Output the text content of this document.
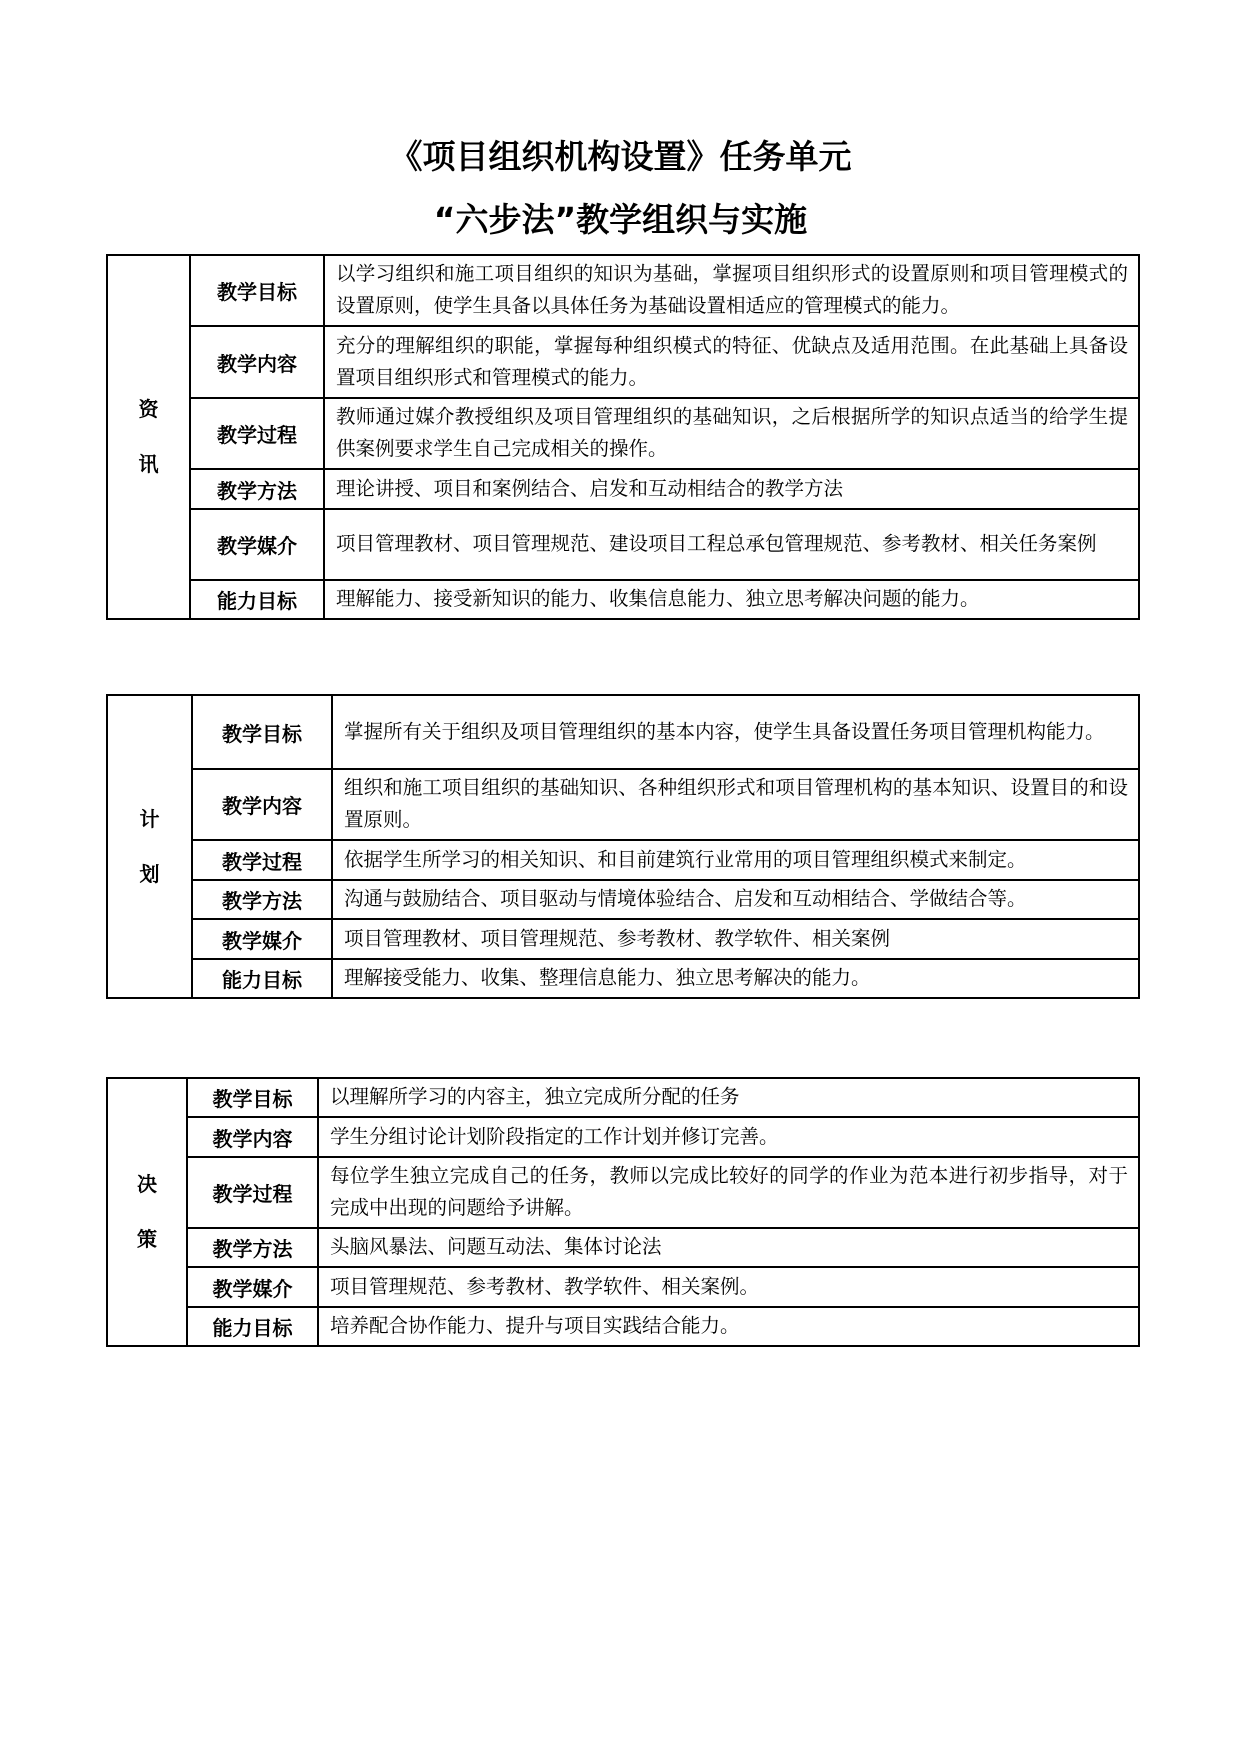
《项目组织机构设置》任务单元
“六步法”教学组织与实施
资
讯	教学目标	以学习组织和施工项目组织的知识为基础，掌握项目组织形式的设置原则和项目管理模式的设置原则，使学生具备以具体任务为基础设置相适应的管理模式的能力。
	教学内容	充分的理解组织的职能，掌握每种组织模式的特征、优缺点及适用范围。在此基础上具备设置项目组织形式和管理模式的能力。
	教学过程	教师通过媒介教授组织及项目管理组织的基础知识，之后根据所学的知识点适当的给学生提供案例要求学生自己完成相关的操作。
	教学方法	理论讲授、项目和案例结合、启发和互动相结合的教学方法
	教学媒介	项目管理教材、项目管理规范、建设项目工程总承包管理规范、参考教材、相关任务案例
	能力目标	理解能力、接受新知识的能力、收集信息能力、独立思考解决问题的能力。
计
划	教学目标	掌握所有关于组织及项目管理组织的基本内容，使学生具备设置任务项目管理机构能力。
	教学内容	组织和施工项目组织的基础知识、各种组织形式和项目管理机构的基本知识、设置目的和设置原则。
	教学过程	依据学生所学习的相关知识、和目前建筑行业常用的项目管理组织模式来制定。
	教学方法	沟通与鼓励结合、项目驱动与情境体验结合、启发和互动相结合、学做结合等。
	教学媒介	项目管理教材、项目管理规范、参考教材、教学软件、相关案例
	能力目标	理解接受能力、收集、整理信息能力、独立思考解决的能力。
决
策	教学目标	以理解所学习的内容主，独立完成所分配的任务
	教学内容	学生分组讨论计划阶段指定的工作计划并修订完善。
	教学过程	每位学生独立完成自己的任务，教师以完成比较好的同学的作业为范本进行初步指导，对于完成中出现的问题给予讲解。
	教学方法	头脑风暴法、问题互动法、集体讨论法
	教学媒介	项目管理规范、参考教材、教学软件、相关案例。
	能力目标	培养配合协作能力、提升与项目实践结合能力。
